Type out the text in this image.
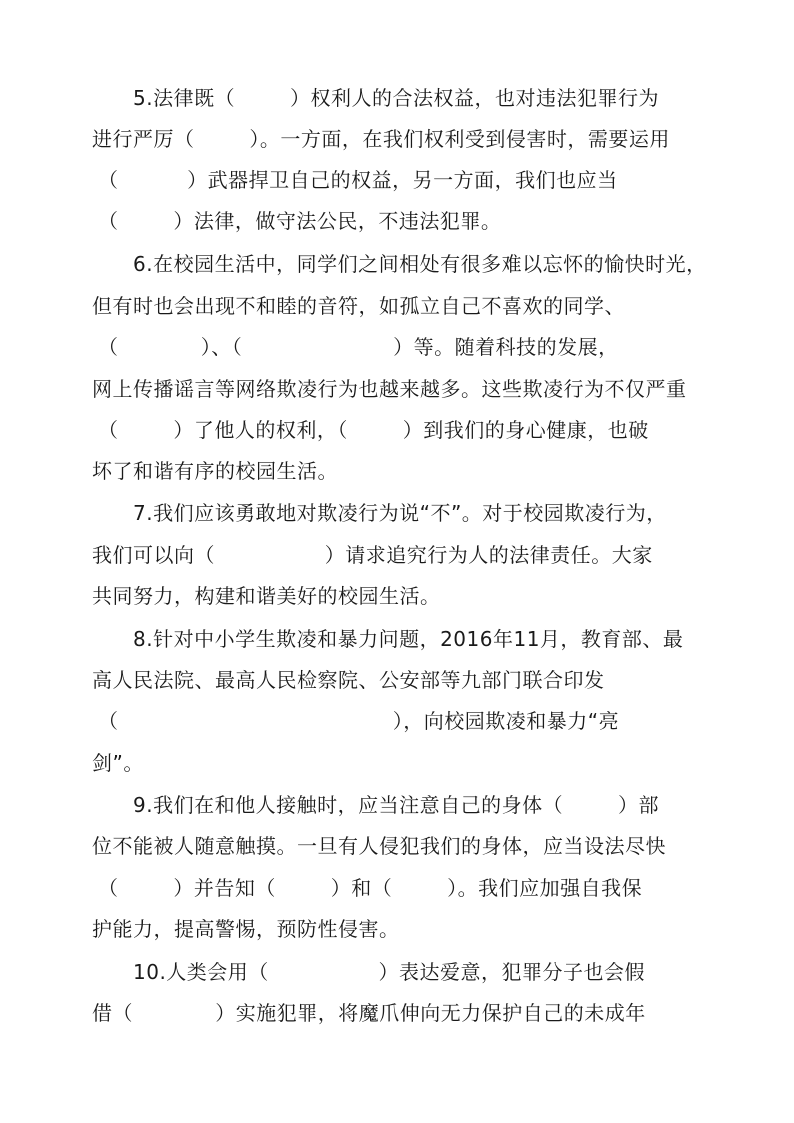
5.法律既（        ）权利人的合法权益，也对违法犯罪行为
进行严厉（        ）。一方面，在我们权利受到侵害时，需要运用
（          ）武器捍卫自己的权益，另一方面，我们也应当
（        ）法律，做守法公民，不违法犯罪。
6.在校园生活中，同学们之间相处有很多难以忘怀的愉快时光，
但有时也会出现不和睦的音符，如孤立自己不喜欢的同学、
（            ）、（                      ）等。随着科技的发展，
网上传播谣言等网络欺凌行为也越来越多。这些欺凌行为不仅严重
（        ）了他人的权利，（        ）到我们的身心健康，也破
坏了和谐有序的校园生活。
7.我们应该勇敢地对欺凌行为说“不”。对于校园欺凌行为，
我们可以向（                ）请求追究行为人的法律责任。大家
共同努力，构建和谐美好的校园生活。
8.针对中小学生欺凌和暴力问题，2016年11月，教育部、最
高人民法院、最高人民检察院、公安部等九部门联合印发
（                                        ），向校园欺凌和暴力“亮
剑”。
9.我们在和他人接触时，应当注意自己的身体（        ）部
位不能被人随意触摸。一旦有人侵犯我们的身体，应当设法尽快
（        ）并告知（        ）和（        ）。我们应加强自我保
护能力，提高警惕，预防性侵害。
10.人类会用（                ）表达爱意，犯罪分子也会假
借（            ）实施犯罪，将魔爪伸向无力保护自己的未成年
